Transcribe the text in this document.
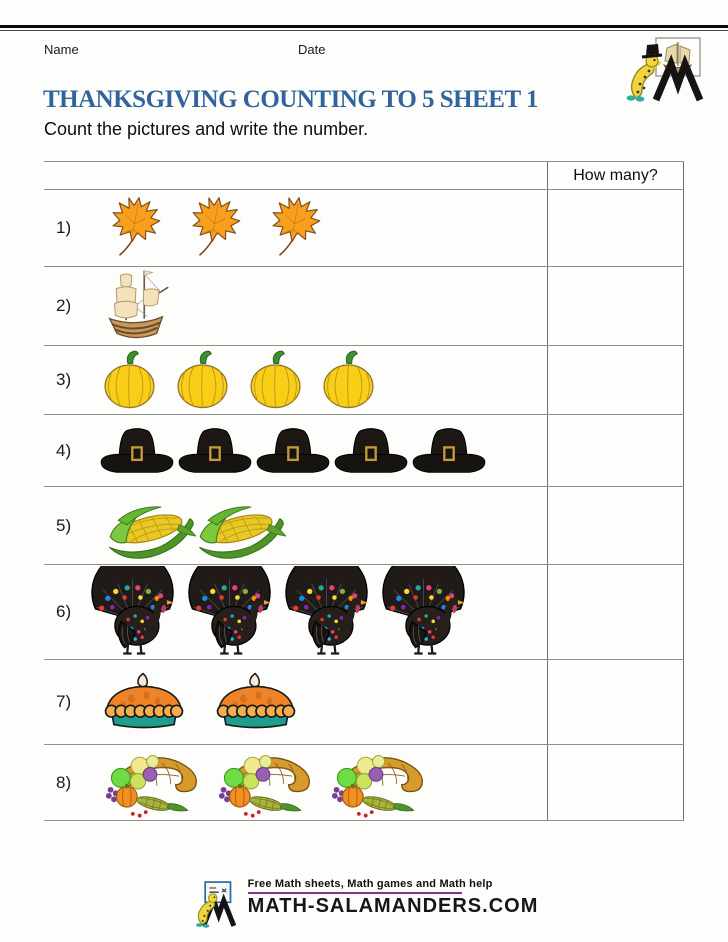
Name	Date
THANKSGIVING COUNTING TO 5 SHEET 1
Count the pictures and write the number.
How many?
1)
2)
3)
4)
5)
6)
7)
8)
Free Math sheets, Math games and Math help
MATH-SALAMANDERS.COM
